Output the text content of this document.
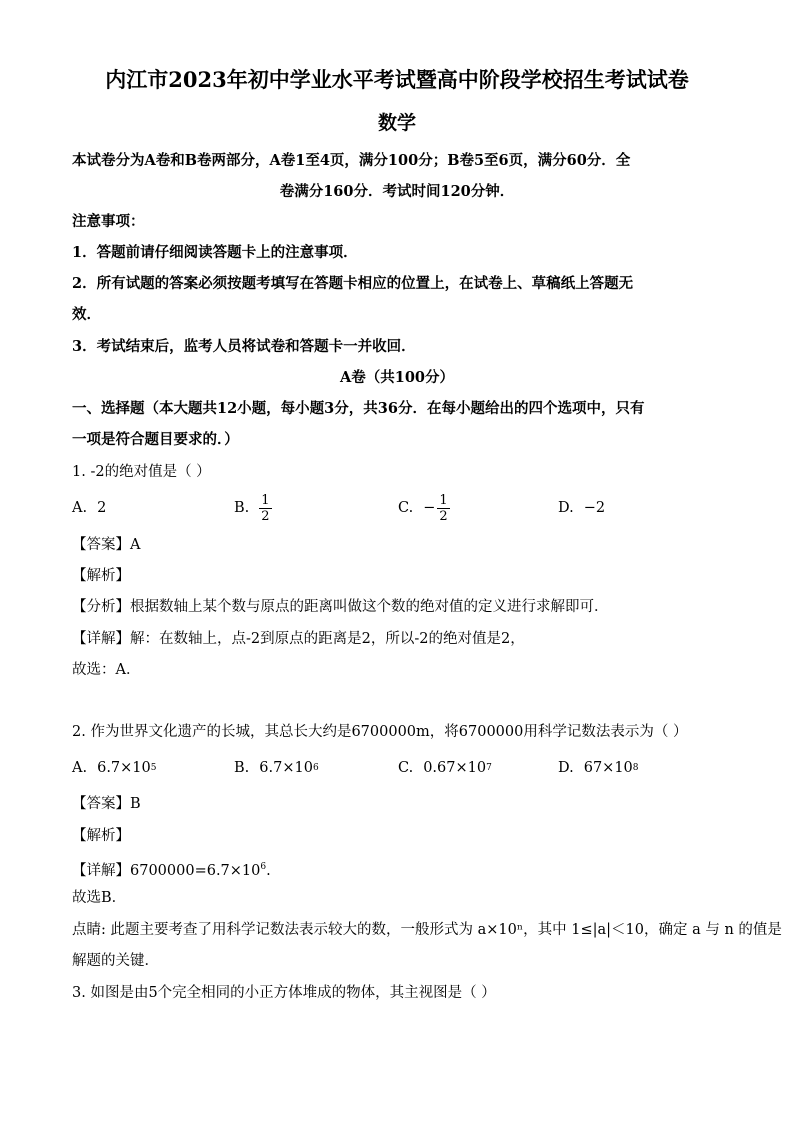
内江市2023年初中学业水平考试暨高中阶段学校招生考试试卷
数学
本试卷分为A卷和B卷两部分，A卷1至4页，满分100分；B卷5至6页，满分60分．全
卷满分160分．考试时间120分钟．
注意事项：
1．答题前请仔细阅读答题卡上的注意事项．
2．所有试题的答案必须按题考填写在答题卡相应的位置上，在试卷上、草稿纸上答题无
效．
3．考试结束后，监考人员将试卷和答题卡一并收回．
A卷（共100分）
一、选择题（本大题共12小题，每小题3分，共36分．在每小题给出的四个选项中，只有
一项是符合题目要求的．）
1. -2的绝对值是（ ）
A. 2	B. $\frac{1}{2}$	C. − $\frac{1}{2}$	D. −2
【答案】A
【解析】
【分析】根据数轴上某个数与原点的距离叫做这个数的绝对值的定义进行求解即可．
【详解】解：在数轴上，点-2到原点的距离是2，所以-2的绝对值是2，
故选：A．
2. 作为世界文化遗产的长城，其总长大约是6700000m，将6700000用科学记数法表示为（ ）
A. 6.7×10 5	B. 6.7×10 6	C. 0.67×10 7	D. 67×10 8
【答案】B
【解析】
【详解】$6700000=6.7\times 10^6$.
故选B．
点睛: 此题主要考查了用科学记数法表示较大的数，一般形式为 a×10ⁿ，其中 1≤|a|＜10，确定 a 与 n 的值是
解题的关键．
3. 如图是由5个完全相同的小正方体堆成的物体，其主视图是（ ）
